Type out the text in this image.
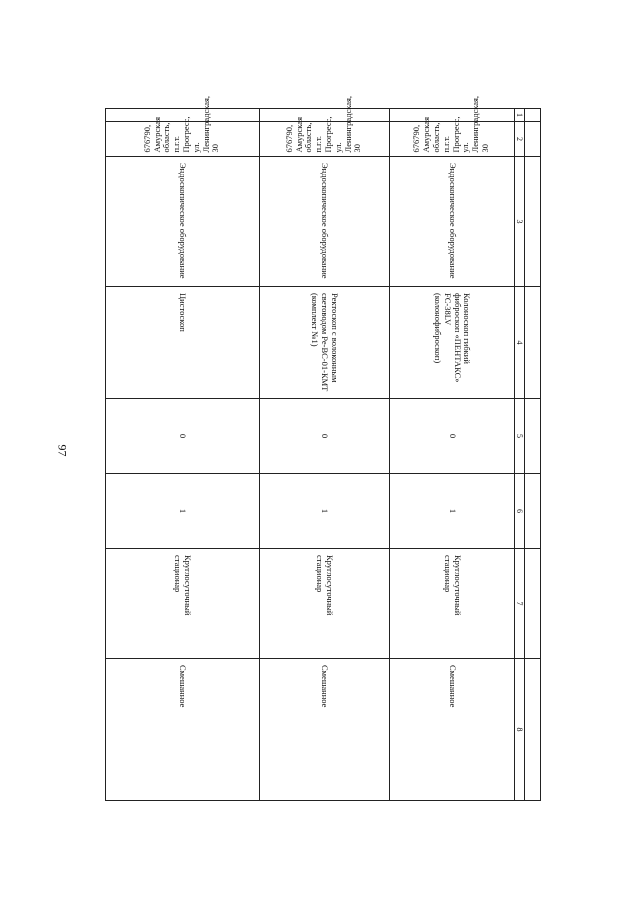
97

1	2	3	4	5	6	7	8
	676790, Амурская область, п.г.т. Прогресс, ул. Ленинградская, 30	Эндоскопическое оборудование	Колоноскоп гибкий фиброскоп «ПЕНТАКС» FC-38LV (колонофиброскоп)	0	1	Круглосуточный стационар	Смешанное
	676790, Амурская область, п.г.т. Прогресс, ул. Ленинградская, 30	Эндоскопическое оборудование	Ректоскоп с волоконным световодом Ре-ВС-01-КМТ (комплект №1)	0	1	Круглосуточный стационар	Смешанное
	676790, Амурская область, п.г.т. Прогресс, ул. Ленинградская, 30	Эндоскопическое оборудование	Цистоскоп	0	1	Круглосуточный стационар	Смешанное
